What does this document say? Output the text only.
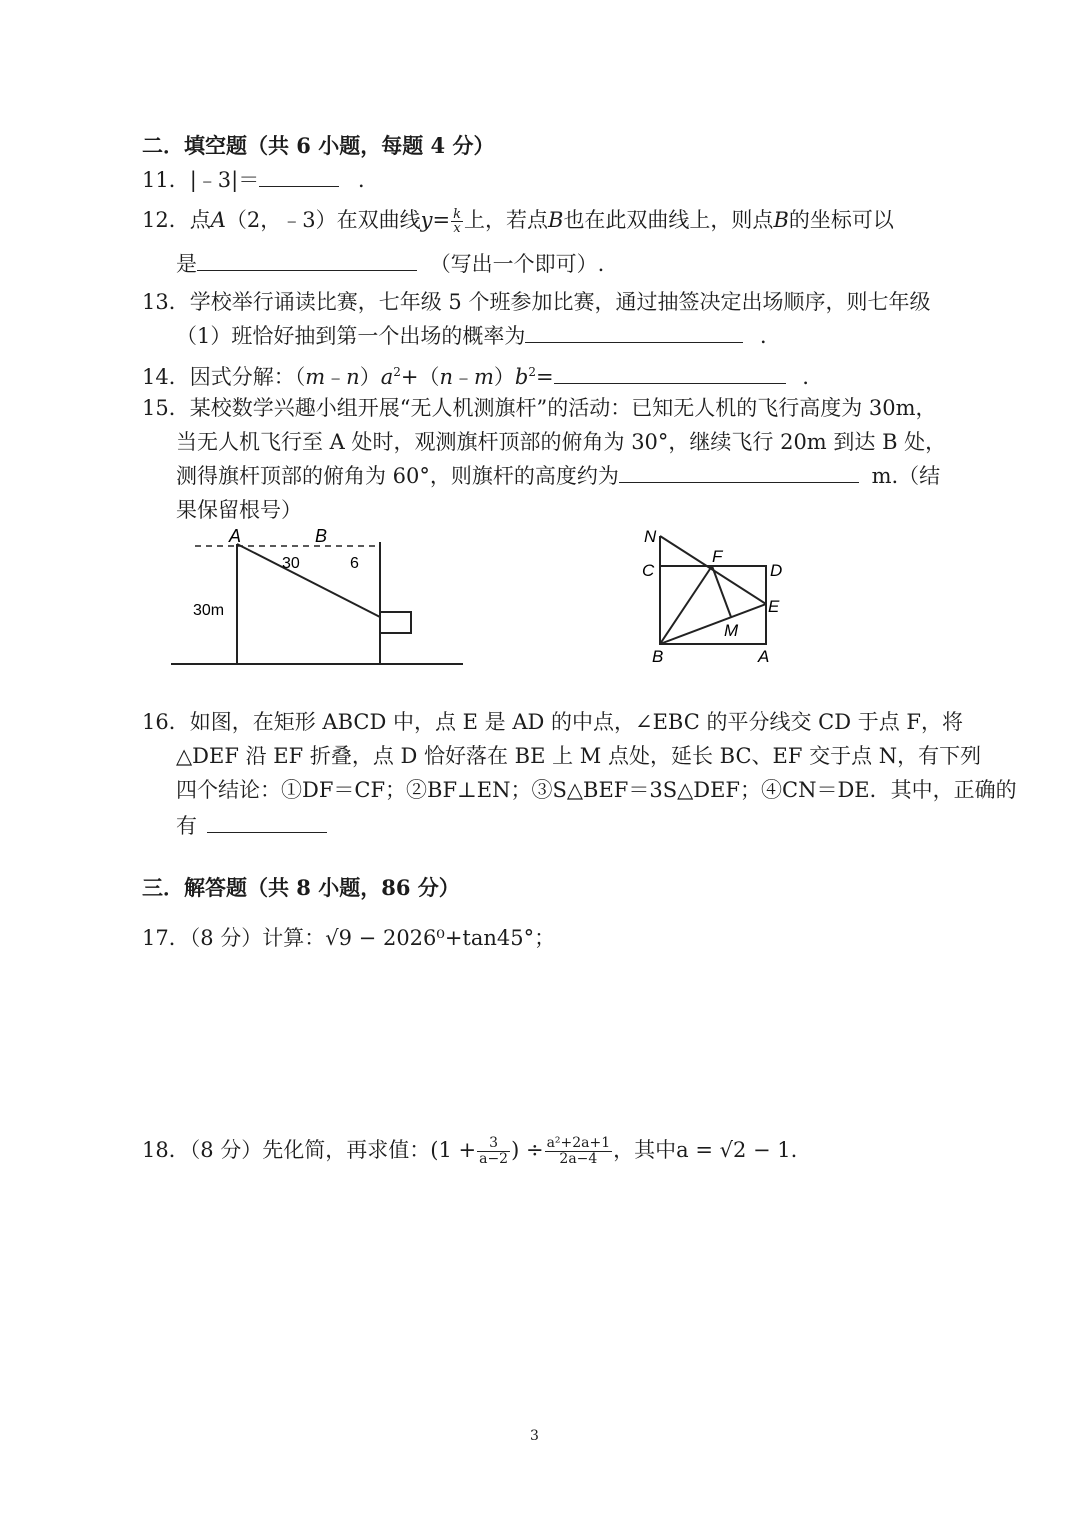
二．填空题（共 6 小题，每题 4 分）
11．|﹣3|＝	．
12．点A（2，﹣3）在双曲线$y= \frac{k}{x}$ 上，若点B也在此双曲线上，则点B的坐标可以
是	（写出一个即可）.
13．学校举行诵读比赛，七年级 5 个班参加比赛，通过抽签决定出场顺序，则七年级
（1）班恰好抽到第一个出场的概率为	．
14．因式分解：$(m﹣n)a^2+(n﹣m)b^2=$	．
15．某校数学兴趣小组开展“无人机测旗杆”的活动：已知无人机的飞行高度为 30m，
当无人机飞行至 A 处时，观测旗杆顶部的俯角为 30°，继续飞行 20m 到达 B 处，
测得旗杆顶部的俯角为 60°，则旗杆的高度约为	m.（结
果保留根号）
A	B
30	6
30m
N
F
C	D
E
M
B	A
16．如图，在矩形 ABCD 中，点 E 是 AD 的中点，∠EBC 的平分线交 CD 于点 F，将
△DEF 沿 EF 折叠，点 D 恰好落在 BE 上 M 点处，延长 BC、EF 交于点 N，有下列
四个结论：①DF＝CF；②BF⊥EN；③S△BEF＝3S△DEF；④CN＝DE．其中，正确的
有
三．解答题（共 8 小题，86 分）
17．（8 分）计算：√9 − 2026⁰+tan45°；
18．（8 分）先化简，再求值：($1 + \frac{3}{a-2}$ ) ÷ $\frac{\text{a²+2a+1}}{2a-4}$ ，其中a = √2 − 1.
3
